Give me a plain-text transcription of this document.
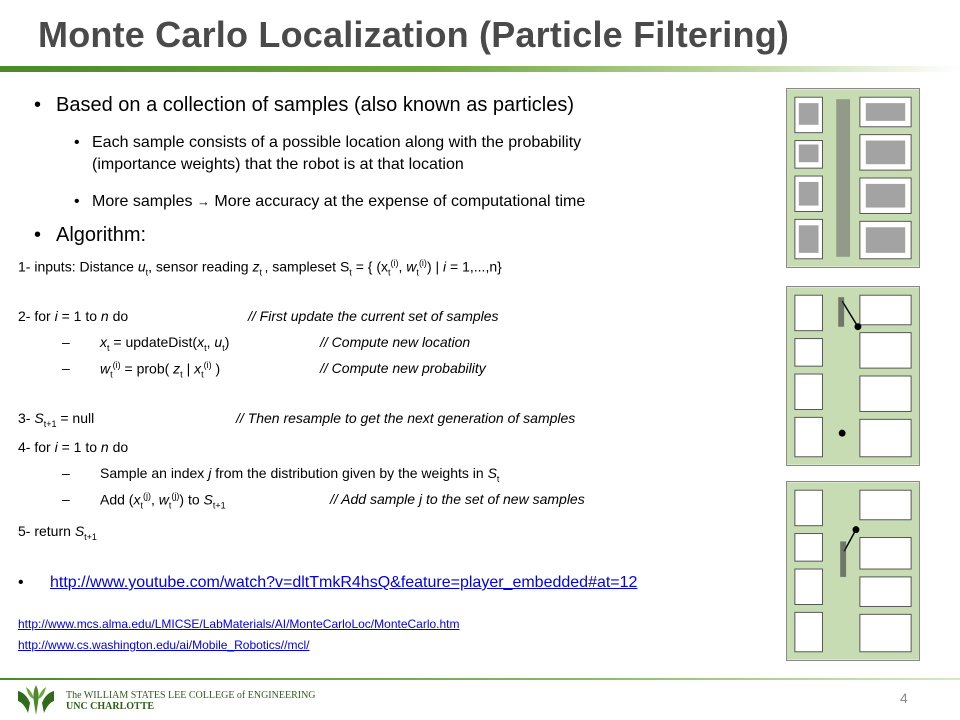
Monte Carlo Localization (Particle Filtering)
• Based on a collection of samples (also known as particles)
• Each sample consists of a possible location along with the probability
(importance weights) that the robot is at that location
• More samples → More accuracy at the expense of computational time
• Algorithm:
1- inputs: Distance $u_t$, sensor reading $z_t$ , sampleset $S_t$ = { ($x_t^{(i)}$, $w_t^{(i)}$) | i = 1,...,n}
2- for i = 1 to n do	// First update the current set of samples
– $x_t$ = $updateDist(x_t$, $u_t$)	// Compute new location
– $w_t^{(i)}$ = prob( $z_t$ | $x_t^{(i)}$ )	// Compute new probability
3- $S_{t+1}$ = null	// Then resample to get the next generation of samples
4- for i = 1 to n do
– Sample an index j from the distribution given by the weights in $S_t$
– Add ($x_t^{(j)}$, $w_t^{(j)}$) to $S_{t+1}$	// Add sample j to the set of new samples
5- return $S_{t+1}$
• http://www.youtube.com/watch?v=dltTmkR4hsQ&feature=player_embedded#at=12
http://www.mcs.alma.edu/LMICSE/LabMaterials/AI/MonteCarloLoc/MonteCarlo.htm
http://www.cs.washington.edu/ai/Mobile_Robotics//mcl/
The WILLIAM STATES LEE COLLEGE of ENGINEERING
UNC CHARLOTTE
4
